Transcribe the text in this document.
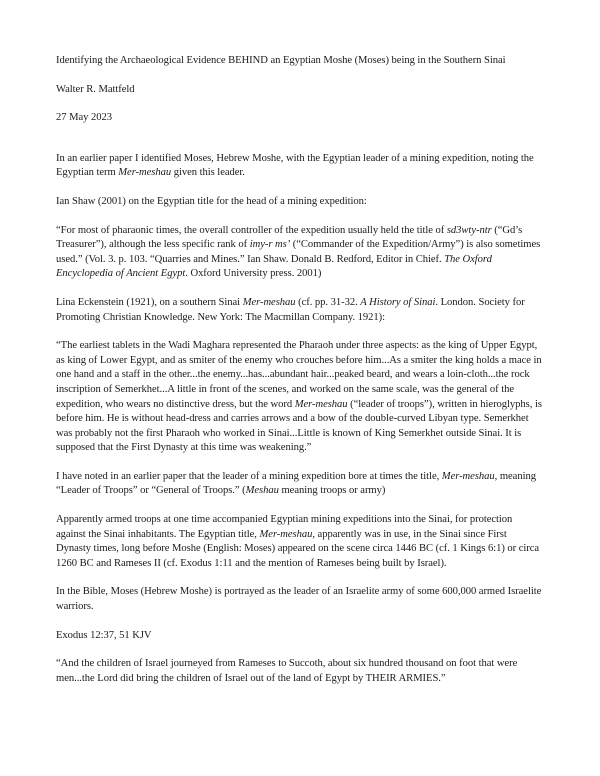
Identifying the Archaeological Evidence BEHIND an Egyptian Moshe (Moses) being in the Southern Sinai
Walter R. Mattfeld
27 May 2023

In an earlier paper I identified Moses, Hebrew Moshe, with the Egyptian leader of a mining expedition, noting the Egyptian term Mer-meshau given this leader.

Ian Shaw (2001) on the Egyptian title for the head of a mining expedition:

“For most of pharaonic times, the overall controller of the expedition usually held the title of sd3wty-ntr (“Gd’s Treasurer”), although the less specific rank of imy-r ms’ (“Commander of the Expedition/Army”) is also sometimes used.” (Vol. 3. p. 103. “Quarries and Mines.” Ian Shaw. Donald B. Redford, Editor in Chief. The Oxford Encyclopedia of Ancient Egypt. Oxford University press. 2001)

Lina Eckenstein (1921), on a southern Sinai Mer-meshau (cf. pp. 31-32. A History of Sinai. London. Society for Promoting Christian Knowledge. New York: The Macmillan Company. 1921):

“The earliest tablets in the Wadi Maghara represented the Pharaoh under three aspects: as the king of Upper Egypt, as king of Lower Egypt, and as smiter of the enemy who crouches before him...As a smiter the king holds a mace in one hand and a staff in the other...the enemy...has...abundant hair...peaked beard, and wears a loin-cloth...the rock inscription of Semerkhet...A little in front of the scenes, and worked on the same scale, was the general of the expedition, who wears no distinctive dress, but the word Mer-meshau (“leader of troops”), written in hieroglyphs, is before him. He is without head-dress and carries arrows and a bow of the double-curved Libyan type. Semerkhet was probably not the first Pharaoh who worked in Sinai...Little is known of King Semerkhet outside Sinai. It is supposed that the First Dynasty at this time was weakening.”

I have noted in an earlier paper that the leader of a mining expedition bore at times the title, Mer-meshau, meaning “Leader of Troops” or “General of Troops.” (Meshau meaning troops or army)

Apparently armed troops at one time accompanied Egyptian mining expeditions into the Sinai, for protection against the Sinai inhabitants. The Egyptian title, Mer-meshau, apparently was in use, in the Sinai since First Dynasty times, long before Moshe (English: Moses) appeared on the scene circa 1446 BC (cf. 1 Kings 6:1) or circa 1260 BC and Rameses II (cf. Exodus 1:11 and the mention of Rameses being built by Israel).

In the Bible, Moses (Hebrew Moshe) is portrayed as the leader of an Israelite army of some 600,000 armed Israelite warriors.

Exodus 12:37, 51 KJV

“And the children of Israel journeyed from Rameses to Succoth, about six hundred thousand on foot that were men...the Lord did bring the children of Israel out of the land of Egypt by THEIR ARMIES.”
